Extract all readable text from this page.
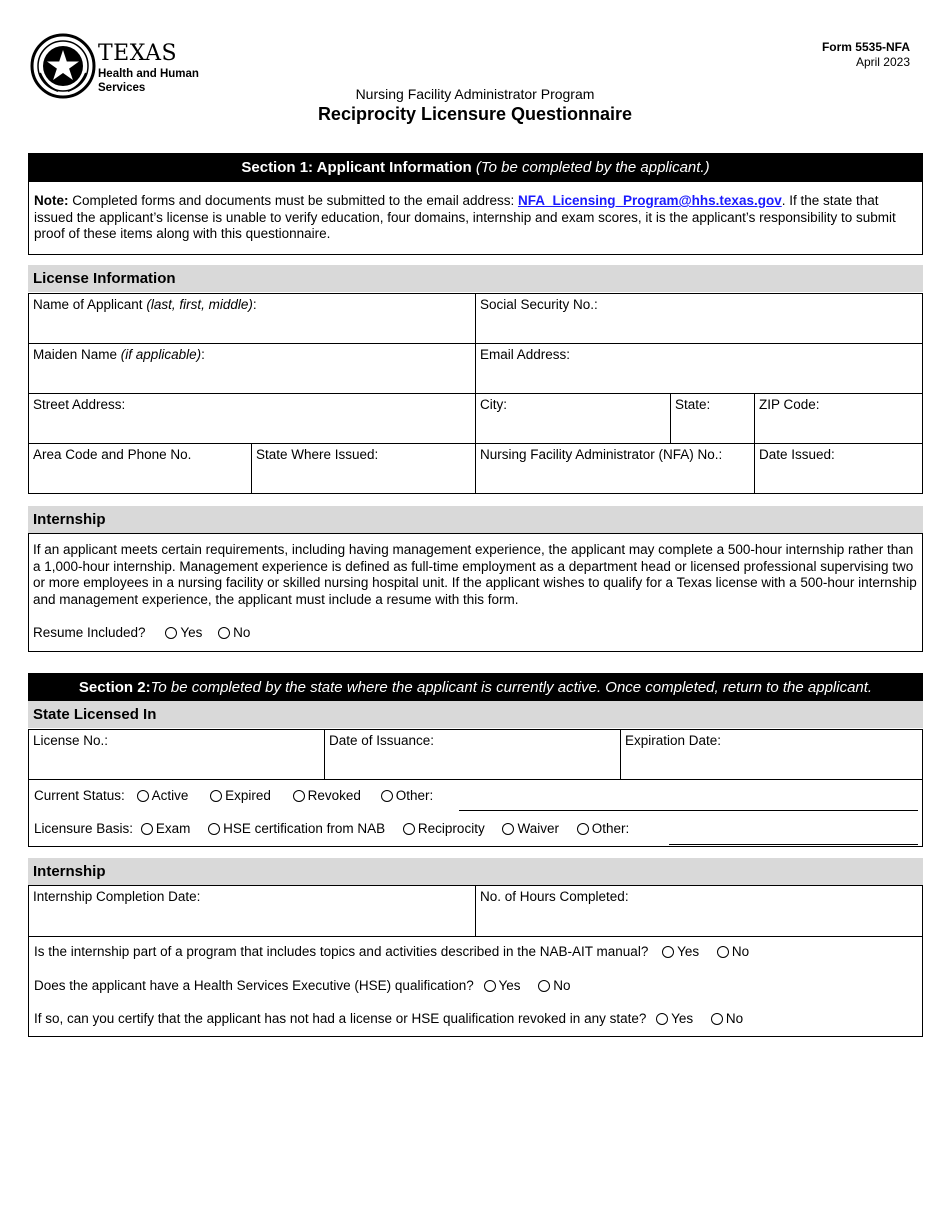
TEXAS
Health and Human
Services
Form 5535-NFA
April 2023
Nursing Facility Administrator Program
Reciprocity Licensure Questionnaire
Section 1: Applicant Information
(To be completed by the applicant.)
Note: Completed forms and documents must be submitted to the email address: NFA_Licensing_Program@hhs.texas.gov. If the state that issued the applicant’s license is unable to verify education, four domains, internship and exam scores, it is the applicant’s responsibility to submit proof of these items along with this questionnaire.
License Information
Name of Applicant (last, first, middle):	Social Security No.:
Maiden Name (if applicable):	Email Address:
Street Address:	City:	State:	ZIP Code:
Area Code and Phone No.	State Where Issued:	Nursing Facility Administrator (NFA) No.:	Date Issued:
Internship
If an applicant meets certain requirements, including having management experience, the applicant may complete a 500-hour internship rather than a 1,000-hour internship. Management experience is defined as full-time employment as a department head or licensed professional supervising two or more employees in a nursing facility or skilled nursing hospital unit. If the applicant wishes to qualify for a Texas license with a 500-hour internship and management experience, the applicant must include a resume with this form.
Resume Included?	Yes No
Section 2: To be completed by the state where the applicant is currently active. Once completed, return to the applicant.
State Licensed In
License No.:	Date of Issuance:	Expiration Date:
Current Status: Active	Expired	Revoked	Other:
Licensure Basis: Exam HSE certification from NAB Reciprocity Waiver Other:
Internship
Internship Completion Date:	No. of Hours Completed:
Is the internship part of a program that includes topics and activities described in the NAB-AIT manual? Yes No
Does the applicant have a Health Services Executive (HSE) qualification? Yes No
If so, can you certify that the applicant has not had a license or HSE qualification revoked in any state? Yes No
